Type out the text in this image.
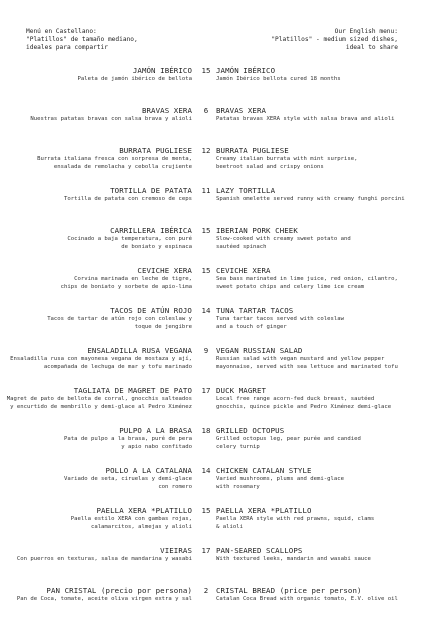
Menú en Castellano:
"Platillos" de tamaño mediano,
ideales para compartir
Our English menu:
"Platillos" - medium sized dishes,
ideal to share
JAMÓN IBÉRICO
Paleta de jamón ibérico de bellota
15 JAMÓN IBÉRICO
Jamón Ibérico bellota cured 18 months
BRAVAS XERA
Nuestras patatas bravas con salsa brava y alioli
6	BRAVAS XERA
Patatas bravas XERA style with salsa brava and alioli
BURRATA PUGLIESE
Burrata italiana fresca con sorpresa de menta,
ensalada de remolacha y cebolla crujiente
12 BURRATA PUGLIESE
Creamy italian burrata with mint surprise,
beetroot salad and crispy onions
TORTILLA DE PATATA
Tortilla de patata con cremoso de ceps
11 LAZY TORTILLA
Spanish omelette served runny with creamy funghi porcini
CARRILLERA IBÉRICA
Cocinado a baja temperatura, con puré
de boniato y espinaca
15 IBERIAN PORK CHEEK
Slow-cooked with creamy sweet potato and
sautéed spinach
CEVICHE XERA
Corvina marinada en leche de tigre,
chips de boniato y sorbete de apio-lima
15 CEVICHE XERA
Sea bass marinated in lime juice, red onion, cilantro,
sweet potato chips and celery lime ice cream
TACOS DE ATÚN ROJO
Tacos de tartar de atún rojo con coleslaw y
toque de jengibre
14 TUNA TARTAR TACOS
Tuna tartar tacos served with coleslaw
and a touch of ginger
ENSALADILLA RUSA VEGANA
Ensaladilla rusa con mayonesa vegana de mostaza y ají,
acompañada de lechuga de mar y tofu marinado
9	VEGAN RUSSIAN SALAD
Russian salad with vegan mustard and yellow pepper
mayonnaise, served with sea lettuce and marinated tofu
TAGLIATA DE MAGRET DE PATO
Magret de pato de bellota de corral, gnocchis salteados
y encurtido de membrillo y demi-glace al Pedro Ximénez
17 DUCK MAGRET
Local free range acorn-fed duck breast, sautéed
gnocchis, quince pickle and Pedro Ximénez demi-glace
PULPO A LA BRASA
Pata de pulpo a la brasa, puré de pera
y apio nabo confitado
18 GRILLED OCTOPUS
Grilled octopus leg, pear purée and candied
celery turnip
POLLO A LA CATALANA
Variado de seta, ciruelas y demi-glace
con romero
14 CHICKEN CATALAN STYLE
Varied mushrooms, plums and demi-glace
with rosemary
PAELLA XERA *PLATILLO
Paella estilo XERA con gambas rojas,
calamarcitos, almejas y alioli
15 PAELLA XERA *PLATILLO
Paella XERA style with red prawns, squid, clams
& alioli
VIEIRAS
Con puerros en texturas, salsa de mandarina y wasabi
17 PAN-SEARED SCALLOPS
With textured leeks, mandarin and wasabi sauce
PAN CRISTAL (precio por persona)
Pan de Coca, tomate, aceite oliva virgen extra y sal
2	CRISTAL BREAD (price per person)
Catalan Coca Bread with organic tomato, E.V. olive oil
